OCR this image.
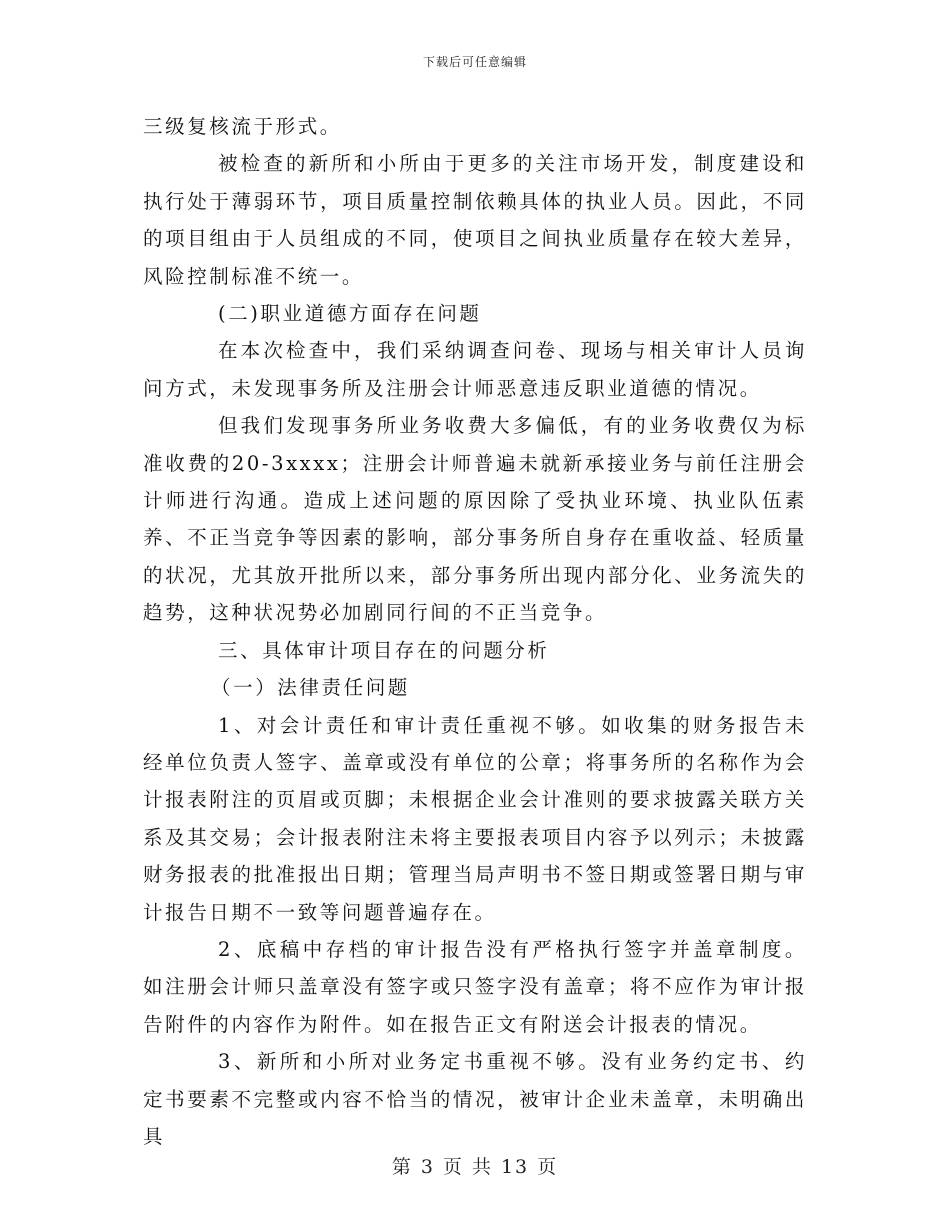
下载后可任意编辑

三级复核流于形式。

被检查的新所和小所由于更多的关注市场开发，制度建设和执行处于薄弱环节，项目质量控制依赖具体的执业人员。因此，不同的项目组由于人员组成的不同，使项目之间执业质量存在较大差异，风险控制标准不统一。

(二)职业道德方面存在问题

在本次检查中，我们采纳调查问卷、现场与相关审计人员询问方式，未发现事务所及注册会计师恶意违反职业道德的情况。

但我们发现事务所业务收费大多偏低，有的业务收费仅为标准收费的20-3xxxx；注册会计师普遍未就新承接业务与前任注册会计师进行沟通。造成上述问题的原因除了受执业环境、执业队伍素养、不正当竞争等因素的影响，部分事务所自身存在重收益、轻质量的状况，尤其放开批所以来，部分事务所出现内部分化、业务流失的趋势，这种状况势必加剧同行间的不正当竞争。

三、具体审计项目存在的问题分析

（一）法律责任问题

1、对会计责任和审计责任重视不够。如收集的财务报告未经单位负责人签字、盖章或没有单位的公章；将事务所的名称作为会计报表附注的页眉或页脚；未根据企业会计准则的要求披露关联方关系及其交易；会计报表附注未将主要报表项目内容予以列示；未披露财务报表的批准报出日期；管理当局声明书不签日期或签署日期与审计报告日期不一致等问题普遍存在。

2、底稿中存档的审计报告没有严格执行签字并盖章制度。如注册会计师只盖章没有签字或只签字没有盖章；将不应作为审计报告附件的内容作为附件。如在报告正文有附送会计报表的情况。

3、新所和小所对业务定书重视不够。没有业务约定书、约定书要素不完整或内容不恰当的情况，被审计企业未盖章，未明确出具

第 3 页 共 13 页
